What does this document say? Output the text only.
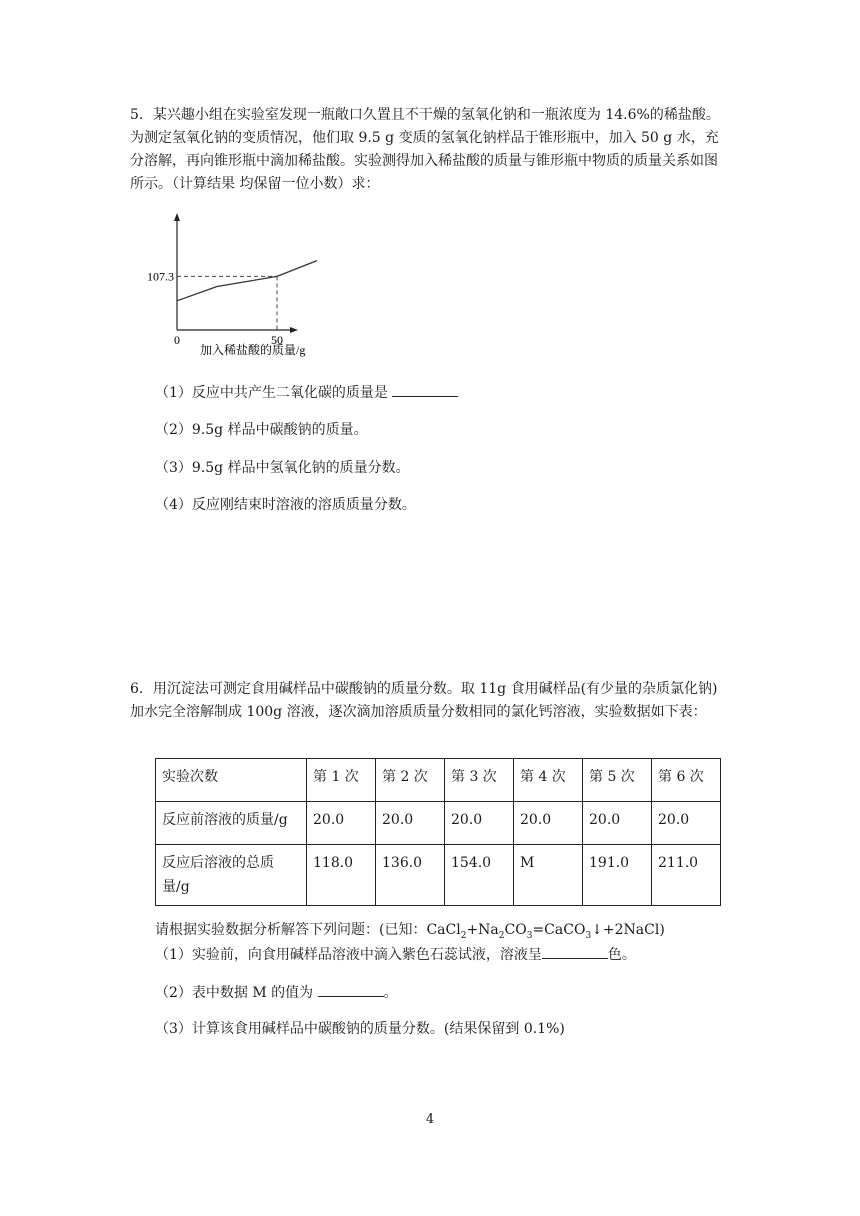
5．某兴趣小组在实验室发现一瓶敞口久置且不干燥的氢氧化钠和一瓶浓度为 14.6%的稀盐酸。为测定氢氧化钠的变质情况，他们取 9.5 g 变质的氢氧化钠样品于锥形瓶中，加入 50 g 水，充分溶解，再向锥形瓶中滴加稀盐酸。实验测得加入稀盐酸的质量与锥形瓶中物质的质量关系如图所示。（计算结果 均保留一位小数）求：

107.3
0	50
加入稀盐酸的质量/g

（1）反应中共产生二氧化碳的质量是

（2）9.5g 样品中碳酸钠的质量。

（3）9.5g 样品中氢氧化钠的质量分数。

（4）反应刚结束时溶液的溶质质量分数。

6．用沉淀法可测定食用碱样品中碳酸钠的质量分数。取 11g 食用碱样品(有少量的杂质氯化钠)加水完全溶解制成 100g 溶液，逐次滴加溶质质量分数相同的氯化钙溶液，实验数据如下表：

实验次数	第 1 次	第 2 次	第 3 次	第 4 次	第 5 次	第 6 次
反应前溶液的质量/g	20.0	20.0	20.0	20.0	20.0	20.0
反应后溶液的总质量/g	118.0	136.0	154.0	M	191.0	211.0

请根据实验数据分析解答下列问题：(已知：$CaCl_2+Na_2CO_3=CaCO_3↓+2NaCl$)

（1）实验前，向食用碱样品溶液中滴入紫色石蕊试液，溶液呈	色。

（2）表中数据 M 的值为	。

（3）计算该食用碱样品中碳酸钠的质量分数。(结果保留到 0.1%)

4
